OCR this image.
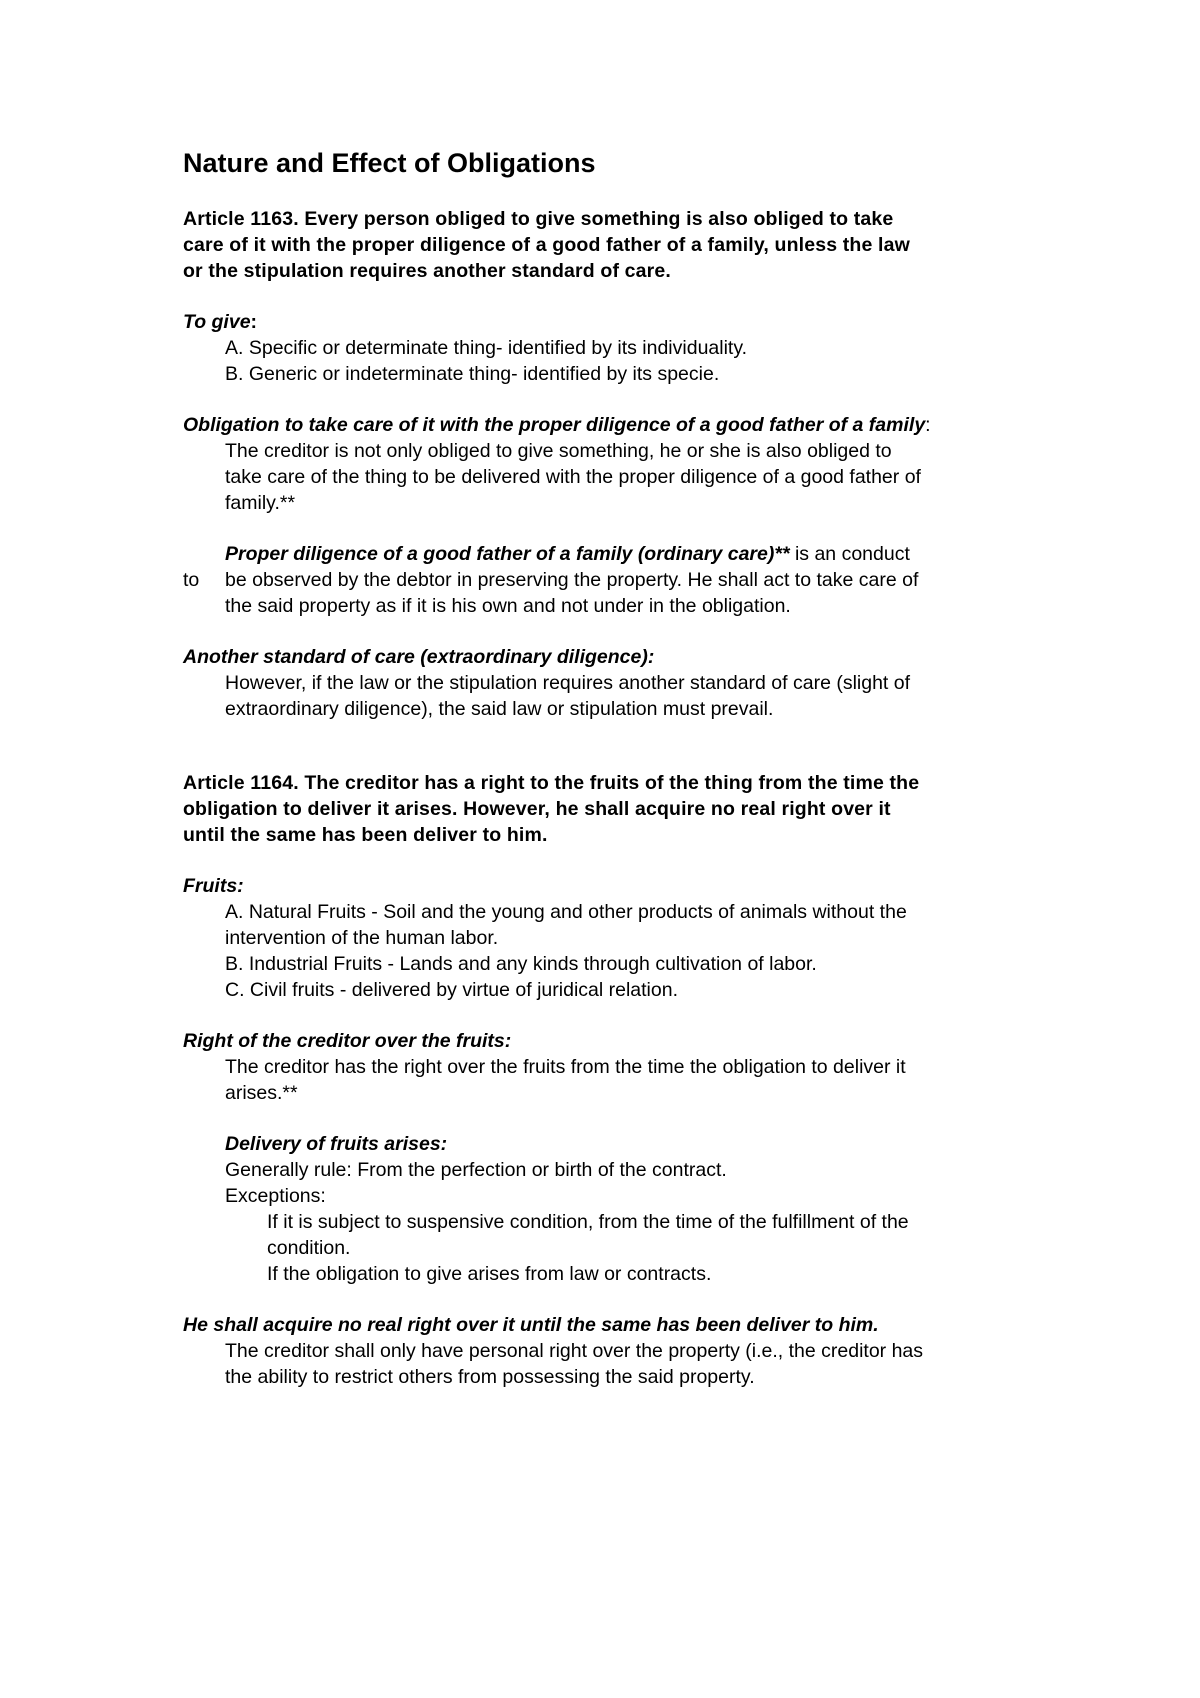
Nature and Effect of Obligations
Article 1163. Every person obliged to give something is also obliged to take
care of it with the proper diligence of a good father of a family, unless the law
or the stipulation requires another standard of care.
To give:
A. Specific or determinate thing- identified by its individuality.
B. Generic or indeterminate thing- identified by its specie.
Obligation to take care of it with the proper diligence of a good father of a family:
The creditor is not only obliged to give something, he or she is also obliged to
take care of the thing to be delivered with the proper diligence of a good father of
family.**
Proper diligence of a good father of a family (ordinary care)** is an conduct
to be observed by the debtor in preserving the property. He shall act to take care of
the said property as if it is his own and not under in the obligation.
Another standard of care (extraordinary diligence):
However, if the law or the stipulation requires another standard of care (slight of
extraordinary diligence), the said law or stipulation must prevail.
Article 1164. The creditor has a right to the fruits of the thing from the time the
obligation to deliver it arises. However, he shall acquire no real right over it
until the same has been deliver to him.
Fruits:
A. Natural Fruits - Soil and the young and other products of animals without the
intervention of the human labor.
B. Industrial Fruits - Lands and any kinds through cultivation of labor.
C. Civil fruits - delivered by virtue of juridical relation.
Right of the creditor over the fruits:
The creditor has the right over the fruits from the time the obligation to deliver it
arises.**
Delivery of fruits arises:
Generally rule: From the perfection or birth of the contract.
Exceptions:
If it is subject to suspensive condition, from the time of the fulfillment of the
condition.
If the obligation to give arises from law or contracts.
He shall acquire no real right over it until the same has been deliver to him.
The creditor shall only have personal right over the property (i.e., the creditor has
the ability to restrict others from possessing the said property.
